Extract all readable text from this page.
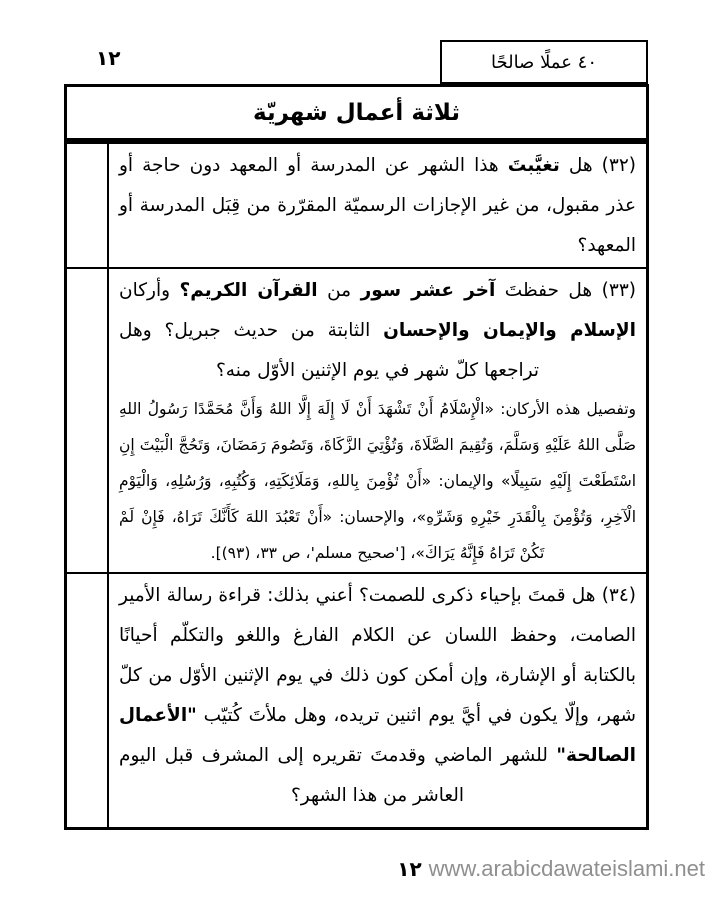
١٢	٤٠ عملًا صالحًا
ثلاثة أعمال شهريّة
(٣٢) هل تغيَّبتَ هذا الشهر عن المدرسة أو المعهد دون حاجة أو عذر مقبول، من غير الإجازات الرسميّة المقرّرة من قِبَل المدرسة أو المعهد؟
(٣٣) هل حفظتَ آخر عشر سور من القرآن الكريم؟ وأركان الإسلام والإيمان والإحسان الثابتة من حديث جبريل؟ وهل تراجعها كلّ شهر في يوم الإثنين الأوّل منه؟
وتفصيل هذه الأركان: «الْإِسْلَامُ أَنْ تَشْهَدَ أَنْ لَا إِلَهَ إِلَّا اللهُ وَأَنَّ مُحَمَّدًا رَسُولُ اللهِ صَلَّى اللهُ عَلَيْهِ وَسَلَّمَ، وَتُقِيمَ الصَّلَاةَ، وَتُؤْتِيَ الزَّكَاةَ، وَتَصُومَ رَمَضَانَ، وَتَحُجَّ الْبَيْتَ إِنِ اسْتَطَعْتَ إِلَيْهِ سَبِيلًا» والإيمان: «أَنْ تُؤْمِنَ بِاللهِ، وَمَلَائِكَتِهِ، وَكُتُبِهِ، وَرُسُلِهِ، وَالْيَوْمِ الْآخِرِ، وَتُؤْمِنَ بِالْقَدَرِ خَيْرِهِ وَشَرِّهِ»، والإحسان: «أَنْ تَعْبُدَ اللهَ كَأَنَّكَ تَرَاهُ، فَإِنْ لَمْ تَكُنْ تَرَاهُ فَإِنَّهُ يَرَاكَ»، ['صحيح مسلم'، ص ٣٣، (٩٣)].
(٣٤) هل قمتَ بإحياء ذكرى للصمت؟ أعني بذلك: قراءة رسالة الأمير الصامت، وحفظ اللسان عن الكلام الفارغ واللغو والتكلّم أحيانًا بالكتابة أو الإشارة، وإن أمكن كون ذلك في يوم الإثنين الأوّل من كلّ شهر، وإلّا يكون في أيَّ يوم اثنين تريده، وهل ملأتَ كُتيّب "الأعمال الصالحة" للشهر الماضي وقدمتَ تقريره إلى المشرف قبل اليوم العاشر من هذا الشهر؟
١٢ www.arabicdawateislami.net
